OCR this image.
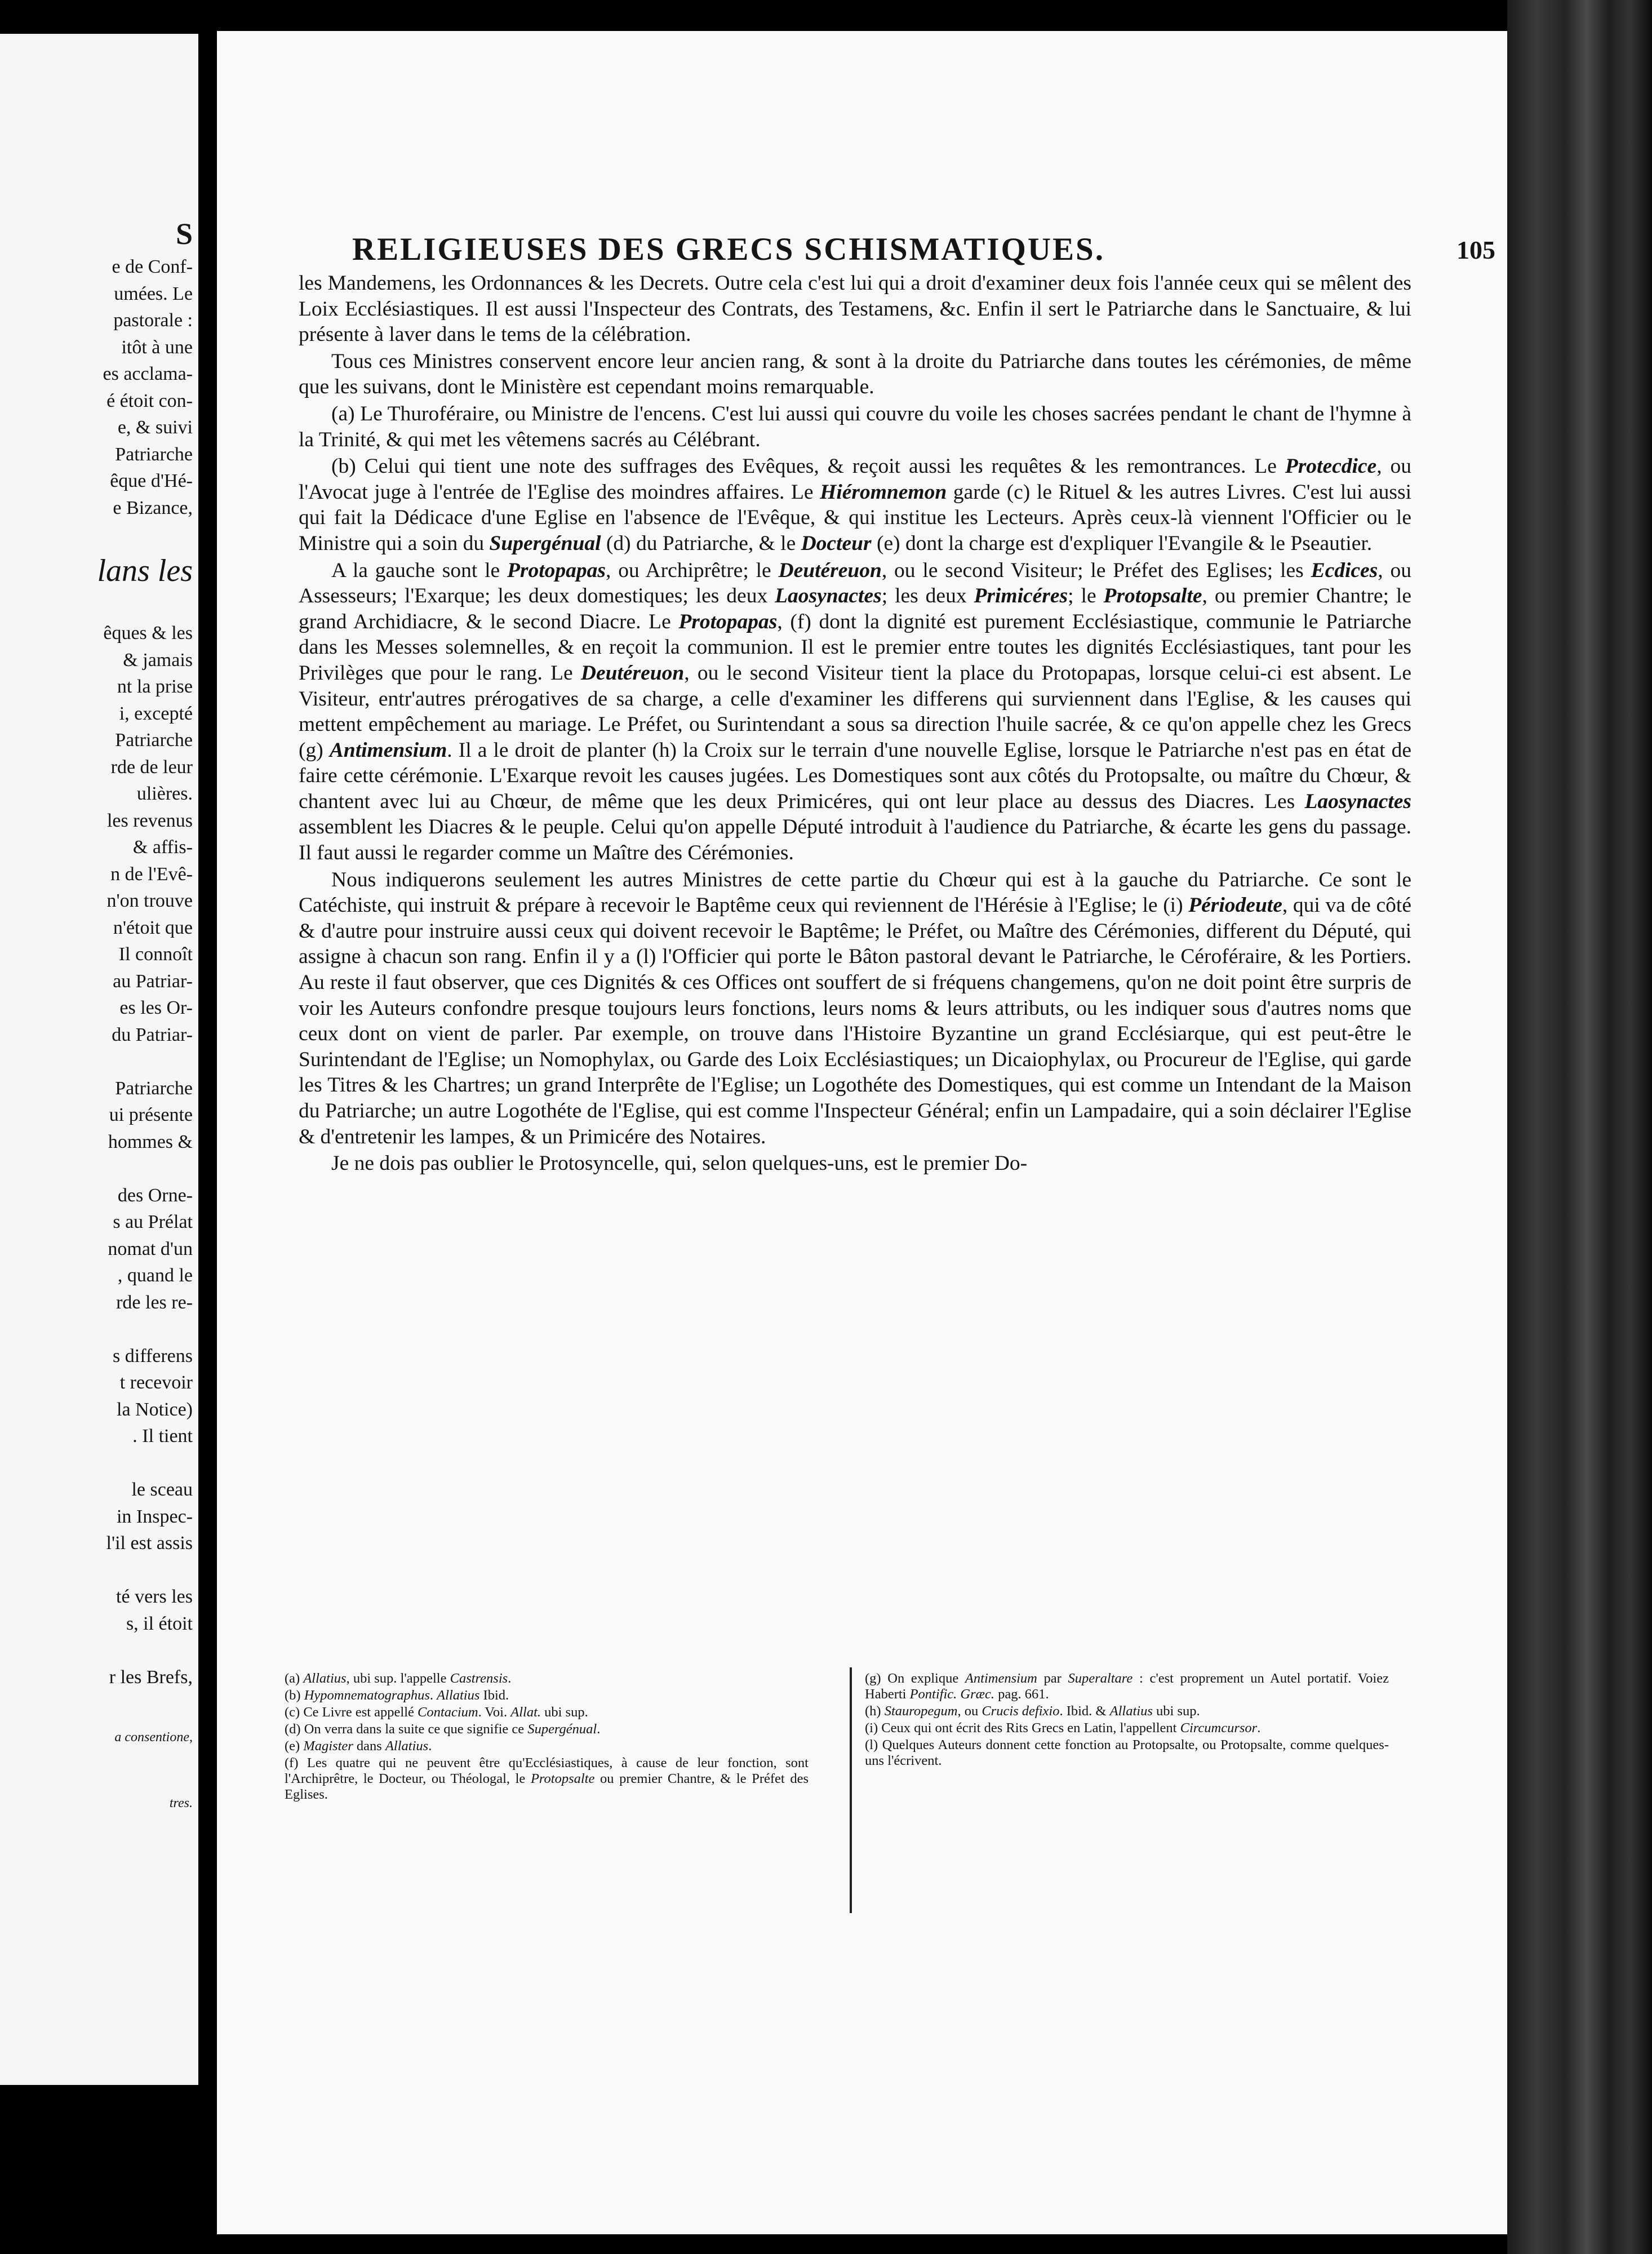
S
e de Conf-
umées. Le
pastorale :
itôt à une
es acclama-
é étoit con-
e, & suivi
Patriarche
êque d'Hé-
e Bizance,
lans les
êques & les
& jamais
nt la prise
i, excepté
Patriarche
rde de leur
ulières.
les revenus
& affis-
n de l'Evê-
n'on trouve
n'étoit que
Il connoît
au Patriar-
es les Or-
du Patriar-
Patriarche
ui présente
hommes &
des Orne-
s au Prélat
nomat d'un
, quand le
rde les re-
s differens
t recevoir
la Notice)
. Il tient
le sceau
in Inspec-
l'il est assis
té vers les
s, il étoit
r les Brefs,
a consentione,
tres.
RELIGIEUSES DES GRECS SCHISMATIQUES.	105

les Mandemens, les Ordonnances & les Decrets. Outre cela c'est lui qui a droit d'examiner deux fois l'année ceux qui se mêlent des Loix Ecclésiastiques. Il est aussi l'Inspecteur des Contrats, des Testamens, &c. Enfin il sert le Patriarche dans le Sanctuaire, & lui présente à laver dans le tems de la célébration.

Tous ces Ministres conservent encore leur ancien rang, & sont à la droite du Patriarche dans toutes les cérémonies, de même que les suivans, dont le Ministère est cependant moins remarquable.

(a) Le Thuroféraire, ou Ministre de l'encens. C'est lui aussi qui couvre du voile les choses sacrées pendant le chant de l'hymne à la Trinité, & qui met les vêtemens sacrés au Célébrant.

(b) Celui qui tient une note des suffrages des Evêques, & reçoit aussi les requêtes & les remontrances. Le Protecdice, ou l'Avocat juge à l'entrée de l'Eglise des moindres affaires. Le Hiéromnemon garde (c) le Rituel & les autres Livres. C'est lui aussi qui fait la Dédicace d'une Eglise en l'absence de l'Evêque, & qui institue les Lecteurs. Après ceux-là viennent l'Officier ou le Ministre qui a soin du Supergénual (d) du Patriarche, & le Docteur (e) dont la charge est d'expliquer l'Evangile & le Pseautier.

A la gauche sont le Protopapas, ou Archiprêtre; le Deutéreuon, ou le second Visiteur; le Préfet des Eglises; les Ecdices, ou Assesseurs; l'Exarque; les deux domestiques; les deux Laosynactes; les deux Primicéres; le Protopsalte, ou premier Chantre; le grand Archidiacre, & le second Diacre. Le Protopapas, (f) dont la dignité est purement Ecclésiastique, communie le Patriarche dans les Messes solemnelles, & en reçoit la communion. Il est le premier entre toutes les dignités Ecclésiastiques, tant pour les Privilèges que pour le rang. Le Deutéreuon, ou le second Visiteur tient la place du Protopapas, lorsque celui-ci est absent. Le Visiteur, entr'autres prérogatives de sa charge, a celle d'examiner les differens qui surviennent dans l'Eglise, & les causes qui mettent empêchement au mariage. Le Préfet, ou Surintendant a sous sa direction l'huile sacrée, & ce qu'on appelle chez les Grecs (g) Antimensium. Il a le droit de planter (h) la Croix sur le terrain d'une nouvelle Eglise, lorsque le Patriarche n'est pas en état de faire cette cérémonie. L'Exarque revoit les causes jugées. Les Domestiques sont aux côtés du Protopsalte, ou maître du Chœur, & chantent avec lui au Chœur, de même que les deux Primicéres, qui ont leur place au dessus des Diacres. Les Laosynactes assemblent les Diacres & le peuple. Celui qu'on appelle Député introduit à l'audience du Patriarche, & écarte les gens du passage. Il faut aussi le regarder comme un Maître des Cérémonies.

Nous indiquerons seulement les autres Ministres de cette partie du Chœur qui est à la gauche du Patriarche. Ce sont le Catéchiste, qui instruit & prépare à recevoir le Baptême ceux qui reviennent de l'Hérésie à l'Eglise; le (i) Périodeute, qui va de côté & d'autre pour instruire aussi ceux qui doivent recevoir le Baptême; le Préfet, ou Maître des Cérémonies, different du Député, qui assigne à chacun son rang. Enfin il y a (l) l'Officier qui porte le Bâton pastoral devant le Patriarche, le Céroféraire, & les Portiers. Au reste il faut observer, que ces Dignités & ces Offices ont souffert de si fréquens changemens, qu'on ne doit point être surpris de voir les Auteurs confondre presque toujours leurs fonctions, leurs noms & leurs attributs, ou les indiquer sous d'autres noms que ceux dont on vient de parler. Par exemple, on trouve dans l'Histoire Byzantine un grand Ecclésiarque, qui est peut-être le Surintendant de l'Eglise; un Nomophylax, ou Garde des Loix Ecclésiastiques; un Dicaiophylax, ou Procureur de l'Eglise, qui garde les Titres & les Chartres; un grand Interprête de l'Eglise; un Logothéte des Domestiques, qui est comme un Intendant de la Maison du Patriarche; un autre Logothéte de l'Eglise, qui est comme l'Inspecteur Général; enfin un Lampadaire, qui a soin déclairer l'Eglise & d'entretenir les lampes, & un Primicére des Notaires.

Je ne dois pas oublier le Protosyncelle, qui, selon quelques-uns, est le premier Do-

(a) Allatius, ubi sup. l'appelle Castrensis.
(b) Hypomnematographus. Allatius Ibid.
(c) Ce Livre est appellé Contacium. Voi. Allat. ubi sup.
(d) On verra dans la suite ce que signifie ce Supergénual.
(e) Magister dans Allatius.
(f) Les quatre qui ne peuvent être qu'Ecclésiastiques, à cause de leur fonction, sont l'Archiprêtre, le Docteur, ou Théologal, le Protopsalte ou premier Chantre, & le Préfet des Eglises.
(g) On explique Antimensium par Superaltare : c'est proprement un Autel portatif. Voiez Haberti Pontific. Græc. pag. 661.
(h) Stauropegum, ou Crucis defixio. Ibid. & Allatius ubi sup.
(i) Ceux qui ont écrit des Rits Grecs en Latin, l'appellent Circumcursor.
(l) Quelques Auteurs donnent cette fonction au Protopsalte, ou Protopsalte, comme quelques-uns l'écrivent.
